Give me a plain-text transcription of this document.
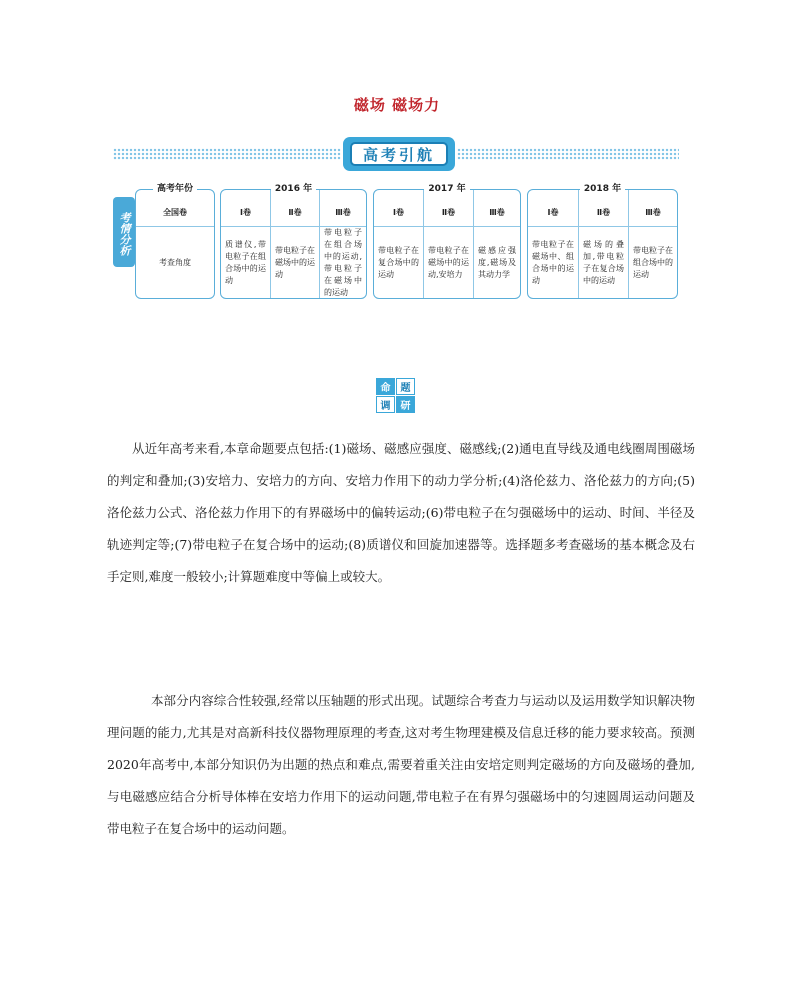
磁场 磁场力
高考引航
考情分析
高考年份
全国卷
考查角度
2016 年
Ⅰ卷
质谱仪,带电粒子在组合场中的运动
Ⅱ卷
带电粒子在磁场中的运动
Ⅲ卷
带电粒子在组合场中的运动,带电粒子在磁场中的运动
2017 年
Ⅰ卷
带电粒子在复合场中的运动
Ⅱ卷
带电粒子在磁场中的运动,安培力
Ⅲ卷
磁感应强度,磁场及其动力学
2018 年
Ⅰ卷
带电粒子在磁场中、组合场中的运动
Ⅱ卷
磁场的叠加,带电粒子在复合场中的运动
Ⅲ卷
带电粒子在组合场中的运动
命	题
调	研

从近年高考来看,本章命题要点包括:(1)磁场、磁感应强度、磁感线;(2)通电直导线及通电线圈周围磁场的判定和叠加;(3)安培力、安培力的方向、安培力作用下的动力学分析;(4)洛伦兹力、洛伦兹力的方向;(5)洛伦兹力公式、洛伦兹力作用下的有界磁场中的偏转运动;(6)带电粒子在匀强磁场中的运动、时间、半径及轨迹判定等;(7)带电粒子在复合场中的运动;(8)质谱仪和回旋加速器等。选择题多考查磁场的基本概念及右手定则,难度一般较小;计算题难度中等偏上或较大。

本部分内容综合性较强,经常以压轴题的形式出现。试题综合考查力与运动以及运用数学知识解决物理问题的能力,尤其是对高新科技仪器物理原理的考查,这对考生物理建模及信息迁移的能力要求较高。预测2020年高考中,本部分知识仍为出题的热点和难点,需要着重关注由安培定则判定磁场的方向及磁场的叠加,与电磁感应结合分析导体棒在安培力作用下的运动问题,带电粒子在有界匀强磁场中的匀速圆周运动问题及带电粒子在复合场中的运动问题。
